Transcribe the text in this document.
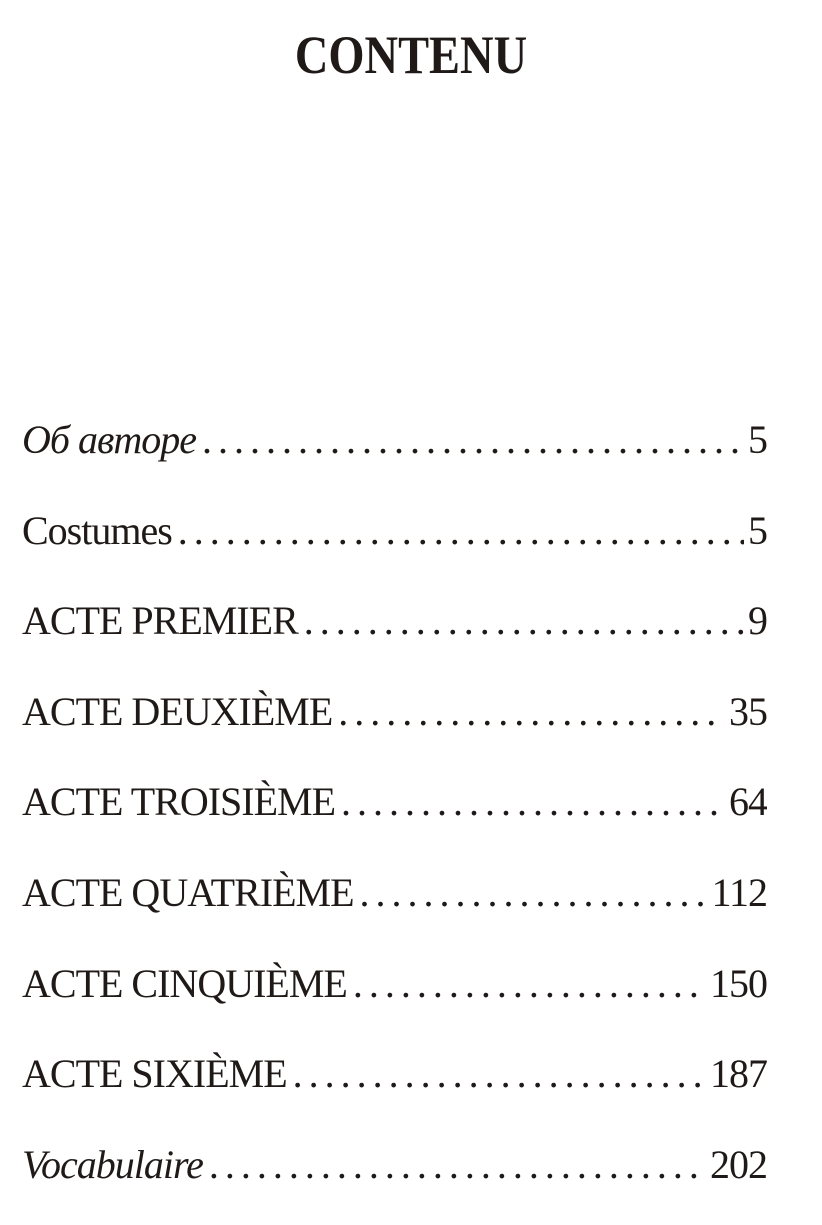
CONTENU
Об авторе . . .	5
Costumes . . .	5
ACTE PREMIER . . .	9
ACTE DEUXIÈME . . .	35
ACTE TROISIÈME . . .	64
ACTE QUATRIÈME . . .	112
ACTE CINQUIÈME . . .	150
ACTE SIXIÈME . . .	187
Vocabulaire . . .	202
